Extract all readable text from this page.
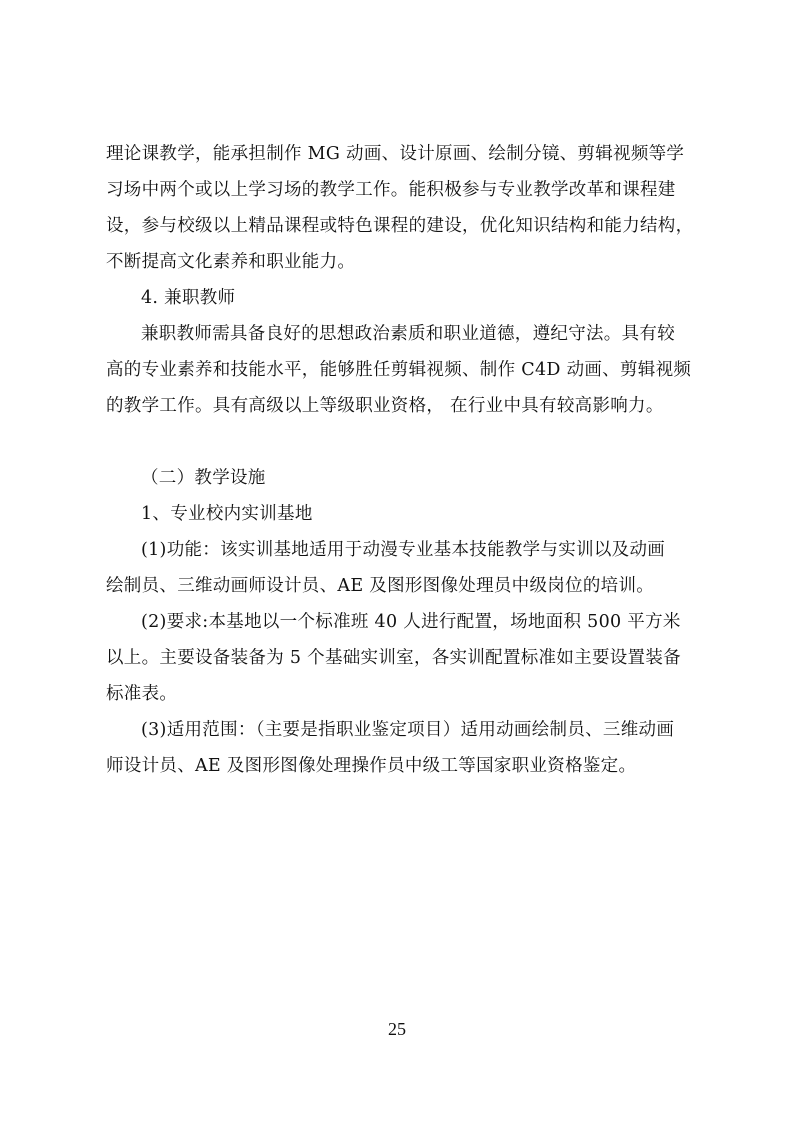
理论课教学，能承担制作 MG 动画、设计原画、绘制分镜、剪辑视频等学
习场中两个或以上学习场的教学工作。能积极参与专业教学改革和课程建
设，参与校级以上精品课程或特色课程的建设，优化知识结构和能力结构，
不断提高文化素养和职业能力。
4. 兼职教师
兼职教师需具备良好的思想政治素质和职业道德，遵纪守法。具有较
高的专业素养和技能水平，能够胜任剪辑视频、制作 C4D 动画、剪辑视频
的教学工作。具有高级以上等级职业资格， 在行业中具有较高影响力。
（二）教学设施
1、专业校内实训基地
(1)功能：该实训基地适用于动漫专业基本技能教学与实训以及动画
绘制员、三维动画师设计员、AE 及图形图像处理员中级岗位的培训。
(2)要求:本基地以一个标准班 40 人进行配置，场地面积 500 平方米
以上。主要设备装备为 5 个基础实训室，各实训配置标准如主要设置装备
标准表。
(3)适用范围：（主要是指职业鉴定项目）适用动画绘制员、三维动画
师设计员、AE 及图形图像处理操作员中级工等国家职业资格鉴定。
25
